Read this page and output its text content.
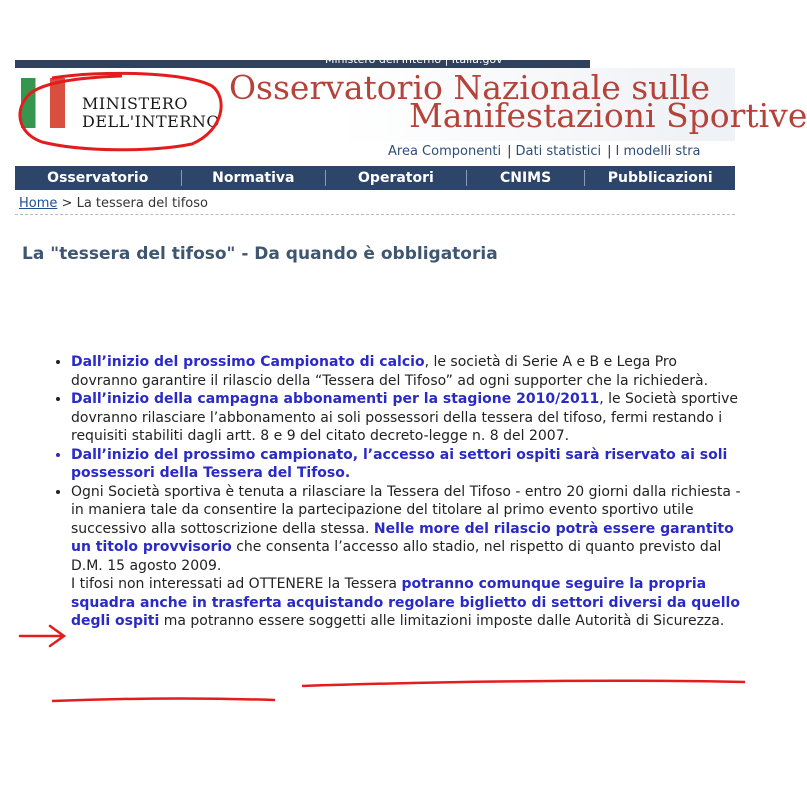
Ministero dell'Interno | Italia.gov
MINISTERO
DELL'INTERNO
Osservatorio Nazionale sulle
Manifestazioni Sportive
Area Componenti | Dati statistici | I modelli stra
Osservatorio	Normativa	Operatori	CNIMS	Pubblicazioni
Home > La tessera del tifoso
La "tessera del tifoso" - Da quando è obbligatoria
• Dall’inizio del prossimo Campionato di calcio, le società di Serie A e B e Lega Pro dovranno garantire il rilascio della “Tessera del Tifoso” ad ogni supporter che la richiederà.
• Dall’inizio della campagna abbonamenti per la stagione 2010/2011, le Società sportive dovranno rilasciare l’abbonamento ai soli possessori della tessera del tifoso, fermi restando i requisiti stabiliti dagli artt. 8 e 9 del citato decreto-legge n. 8 del 2007.
• Dall’inizio del prossimo campionato, l’accesso ai settori ospiti sarà riservato ai soli possessori della Tessera del Tifoso.
• Ogni Società sportiva è tenuta a rilasciare la Tessera del Tifoso - entro 20 giorni dalla richiesta - in maniera tale da consentire la partecipazione del titolare al primo evento sportivo utile successivo alla sottoscrizione della stessa. Nelle more del rilascio potrà essere garantito un titolo provvisorio che consenta l’accesso allo stadio, nel rispetto di quanto previsto dal D.M. 15 agosto 2009.
I tifosi non interessati ad OTTENERE la Tessera potranno comunque seguire la propria squadra anche in trasferta acquistando regolare biglietto di settori diversi da quello degli ospiti ma potranno essere soggetti alle limitazioni imposte dalle Autorità di Sicurezza.
